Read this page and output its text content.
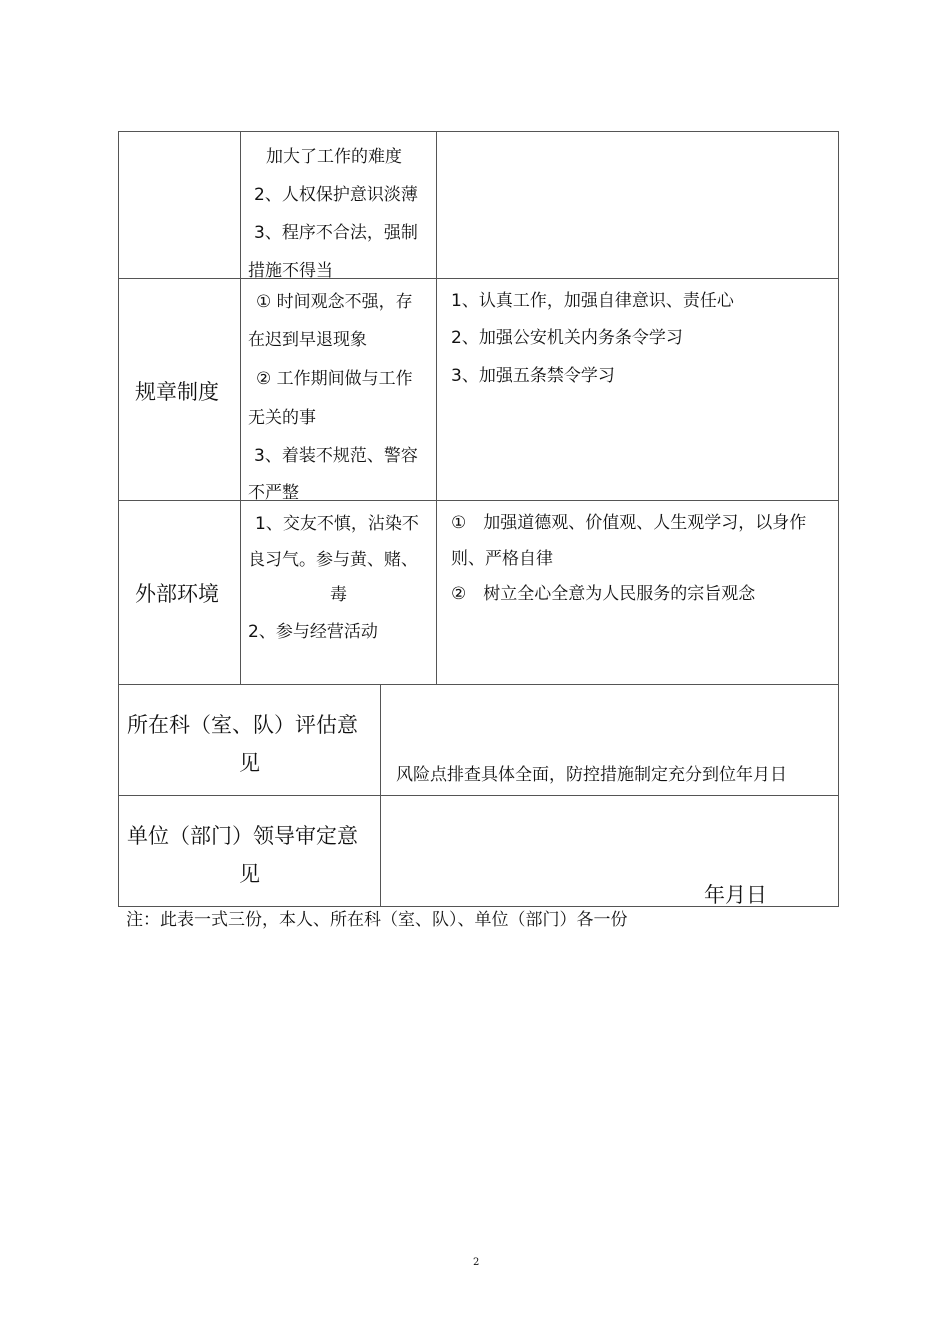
加大了工作的难度
2、人权保护意识淡薄
3、程序不合法，强制
措施不得当
规章制度
① 时间观念不强，存
在迟到早退现象
② 工作期间做与工作
无关的事
3、着装不规范、警容
不严整
1、认真工作，加强自律意识、责任心
2、加强公安机关内务条令学习
3、加强五条禁令学习
外部环境
1、交友不慎，沾染不
良习气。参与黄、赌、
毒
2、参与经营活动
①　加强道德观、价值观、人生观学习，以身作
则、严格自律
②　树立全心全意为人民服务的宗旨观念
所在科（室、队）评估意
见	风险点排查具体全面，防控措施制定充分到位年月日
单位（部门）领导审定意
见
年月日
注：此表一式三份，本人、所在科（室、队）、单位（部门）各一份
2
